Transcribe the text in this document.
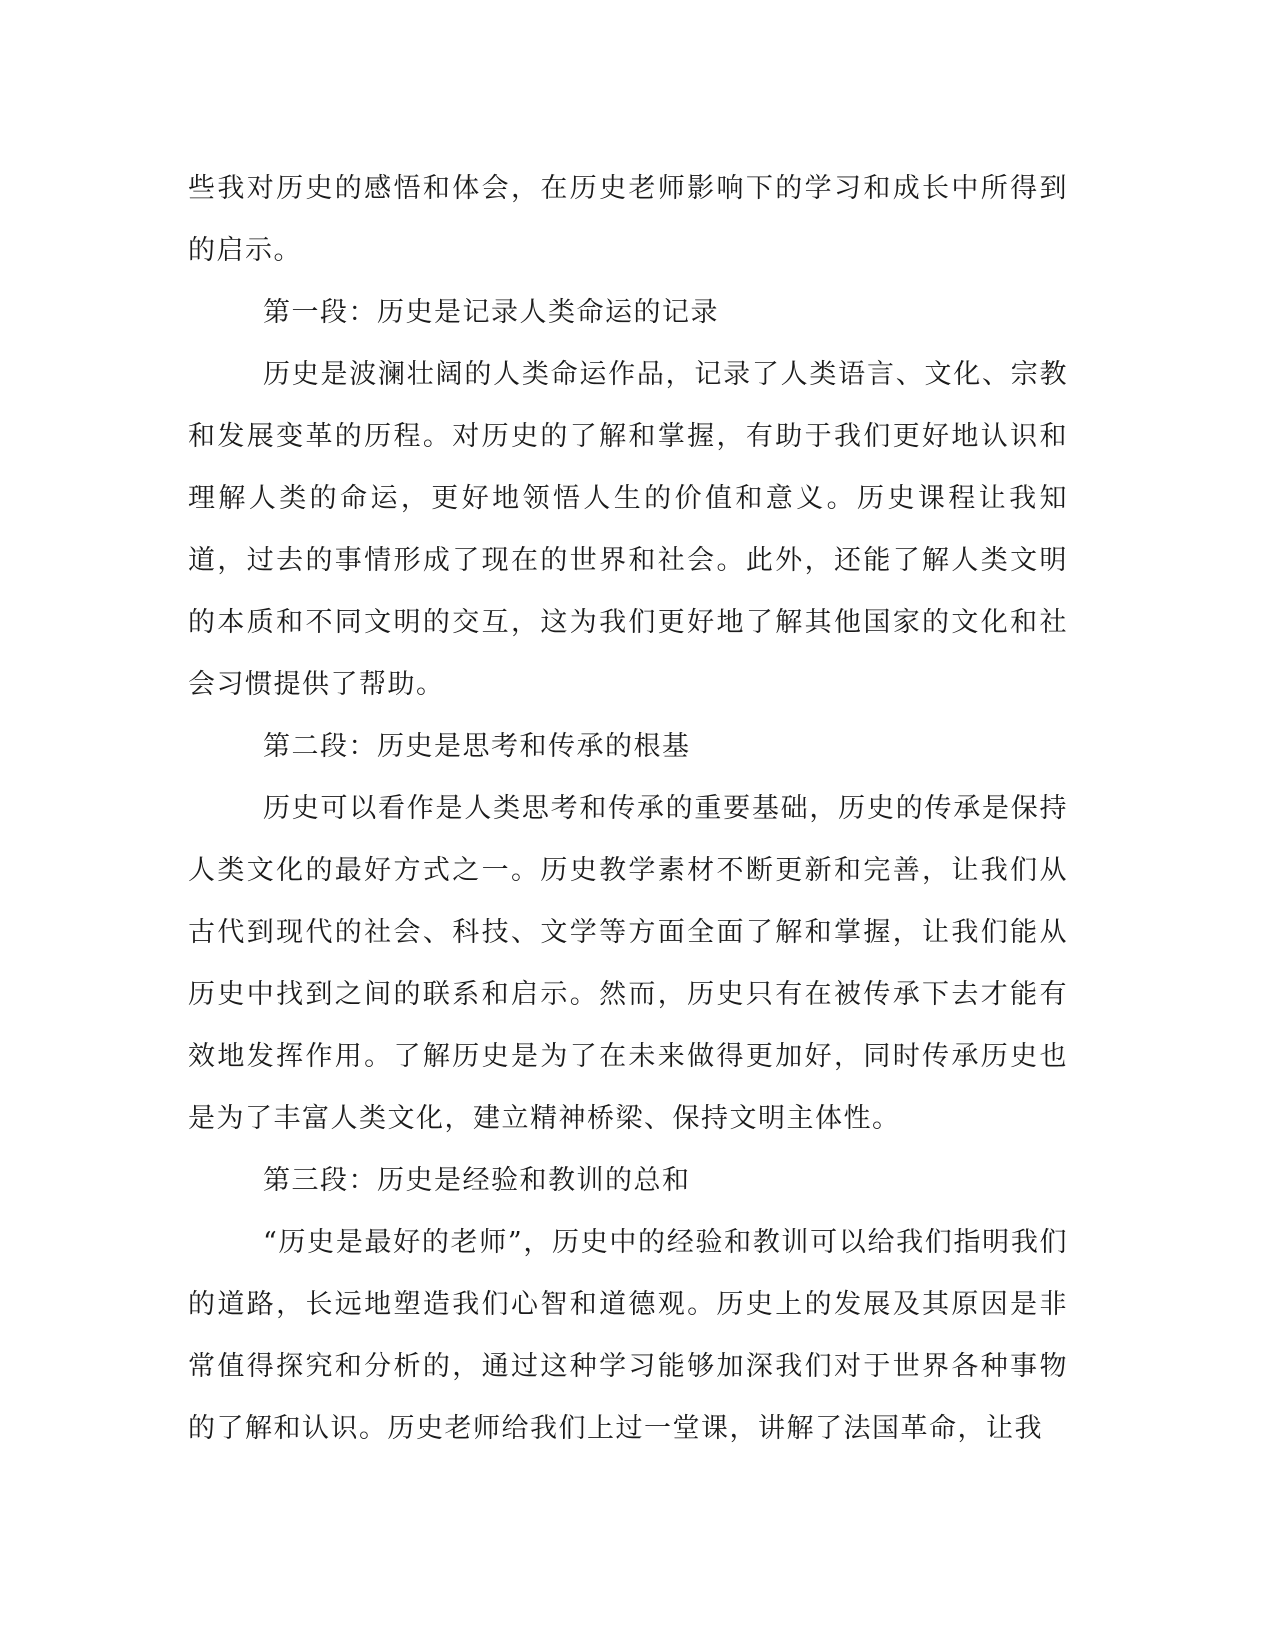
些我对历史的感悟和体会，在历史老师影响下的学习和成长中所得到的启示。

第一段：历史是记录人类命运的记录

历史是波澜壮阔的人类命运作品，记录了人类语言、文化、宗教和发展变革的历程。对历史的了解和掌握，有助于我们更好地认识和理解人类的命运，更好地领悟人生的价值和意义。历史课程让我知道，过去的事情形成了现在的世界和社会。此外，还能了解人类文明的本质和不同文明的交互，这为我们更好地了解其他国家的文化和社会习惯提供了帮助。

第二段：历史是思考和传承的根基

历史可以看作是人类思考和传承的重要基础，历史的传承是保持人类文化的最好方式之一。历史教学素材不断更新和完善，让我们从古代到现代的社会、科技、文学等方面全面了解和掌握，让我们能从历史中找到之间的联系和启示。然而，历史只有在被传承下去才能有效地发挥作用。了解历史是为了在未来做得更加好，同时传承历史也是为了丰富人类文化，建立精神桥梁、保持文明主体性。

第三段：历史是经验和教训的总和

“历史是最好的老师”，历史中的经验和教训可以给我们指明我们的道路，长远地塑造我们心智和道德观。历史上的发展及其原因是非常值得探究和分析的，通过这种学习能够加深我们对于世界各种事物的了解和认识。历史老师给我们上过一堂课，讲解了法国革命，让我
